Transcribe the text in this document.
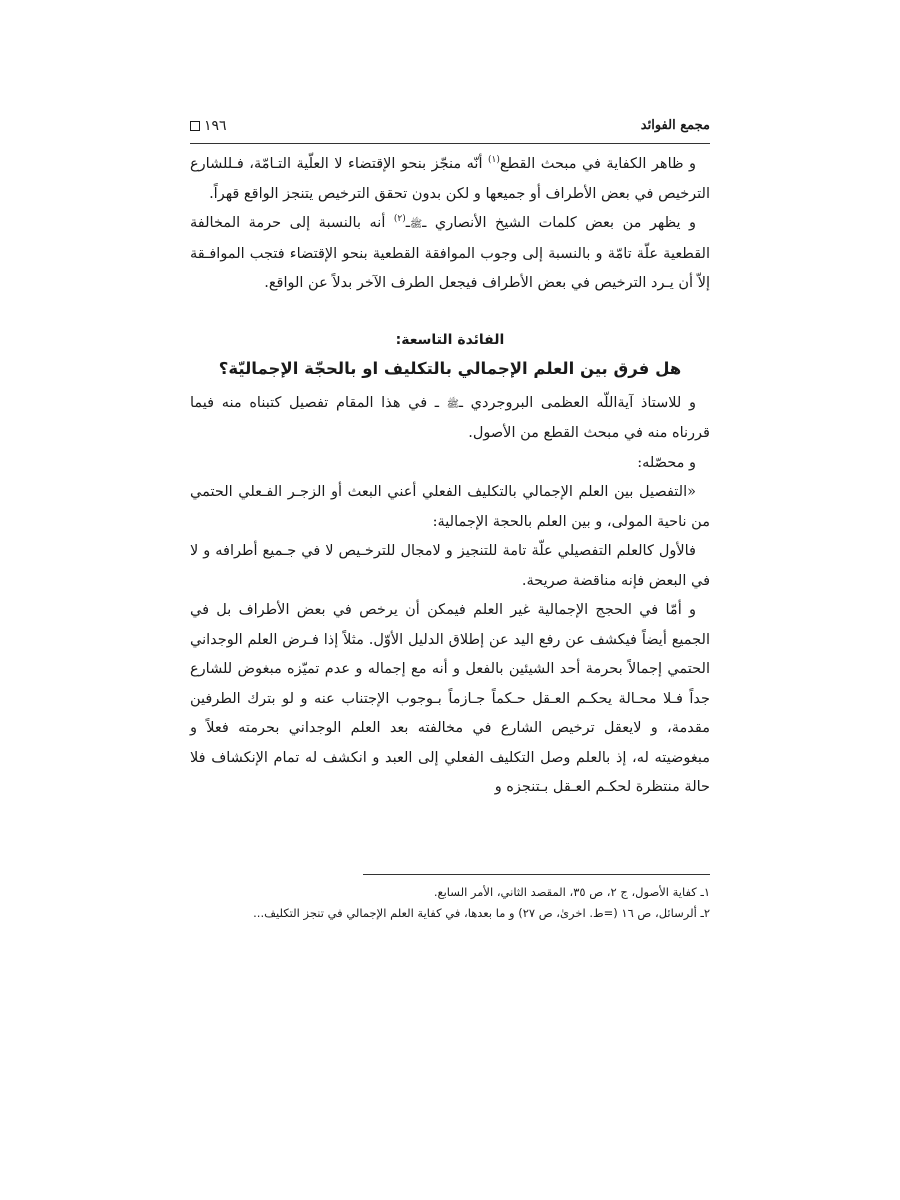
١٩٦	مجمع الفوائد

و ظاهر الكفاية في مبحث القطع$^{(١)}$ أنّه منجّز بنحو الإقتضاء لا العلّية التـامّة، فـللشارع الترخيص في بعض الأطراف أو جميعها و لكن بدون تحقق الترخيص يتنجز الواقع قهراً.

و يظهر من بعض كلمات الشيخ الأنصاري ـﷺـ$^{(٢)}$ أنه بالنسبة إلى حرمة المخالفة القطعية علّة تامّة و بالنسبة إلى وجوب الموافقة القطعية بنحو الإقتضاء فتجب الموافـقة إلاّ أن يـرد الترخيص في بعض الأطراف فيجعل الطرف الآخر بدلاً عن الواقع.

الفائدة التاسعة:

هل فرق بين العلم الإجمالي بالتكليف او بالحجّة الإجماليّة؟

و للاستاذ آيةاللّه العظمى البروجردي ـﷺ ـ في هذا المقام تفصيل كتبناه منه فيما قررناه منه في مبحث القطع من الأصول.

و محصّله:

«التفصيل بين العلم الإجمالي بالتكليف الفعلي أعني البعث أو الزجـر الفـعلي الحتمي من ناحية المولى، و بين العلم بالحجة الإجمالية:

فالأول كالعلم التفصيلي علّة تامة للتنجيز و لامجال للترخـيص لا في جـميع أطرافه و لا في البعض فإنه مناقضة صريحة.

و أمّا في الحجج الإجمالية غير العلم فيمكن أن يرخص في بعض الأطراف بل في الجميع أيضاً فيكشف عن رفع اليد عن إطلاق الدليل الأوّل. مثلاً إذا فـرض العلم الوجداني الحتمي إجمالاً بحرمة أحد الشيئين بالفعل و أنه مع إجماله و عدم تميّزه مبغوض للشارع جداً فـلا محـالة يحكـم العـقل حـكماً جـازماً بـوجوب الإجتناب عنه و لو بترك الطرفين مقدمة، و لايعقل ترخيص الشارع في مخالفته بعد العلم الوجداني بحرمته فعلاً و مبغوضيته له، إذ بالعلم وصل التكليف الفعلي إلى العبد و انكشف له تمام الإنكشاف فلا حالة منتظرة لحكـم العـقل بـتنجزه و

١ـ كفاية الأصول، ج ٢، ص ٣٥، المقصد الثاني، الأمر السابع.

٢ـ ألرسائل، ص ١٦ (=ط. اخرىٰ، ص ٢٧) و ما بعدها، في كفاية العلم الإجمالي في تنجز التكليف...
